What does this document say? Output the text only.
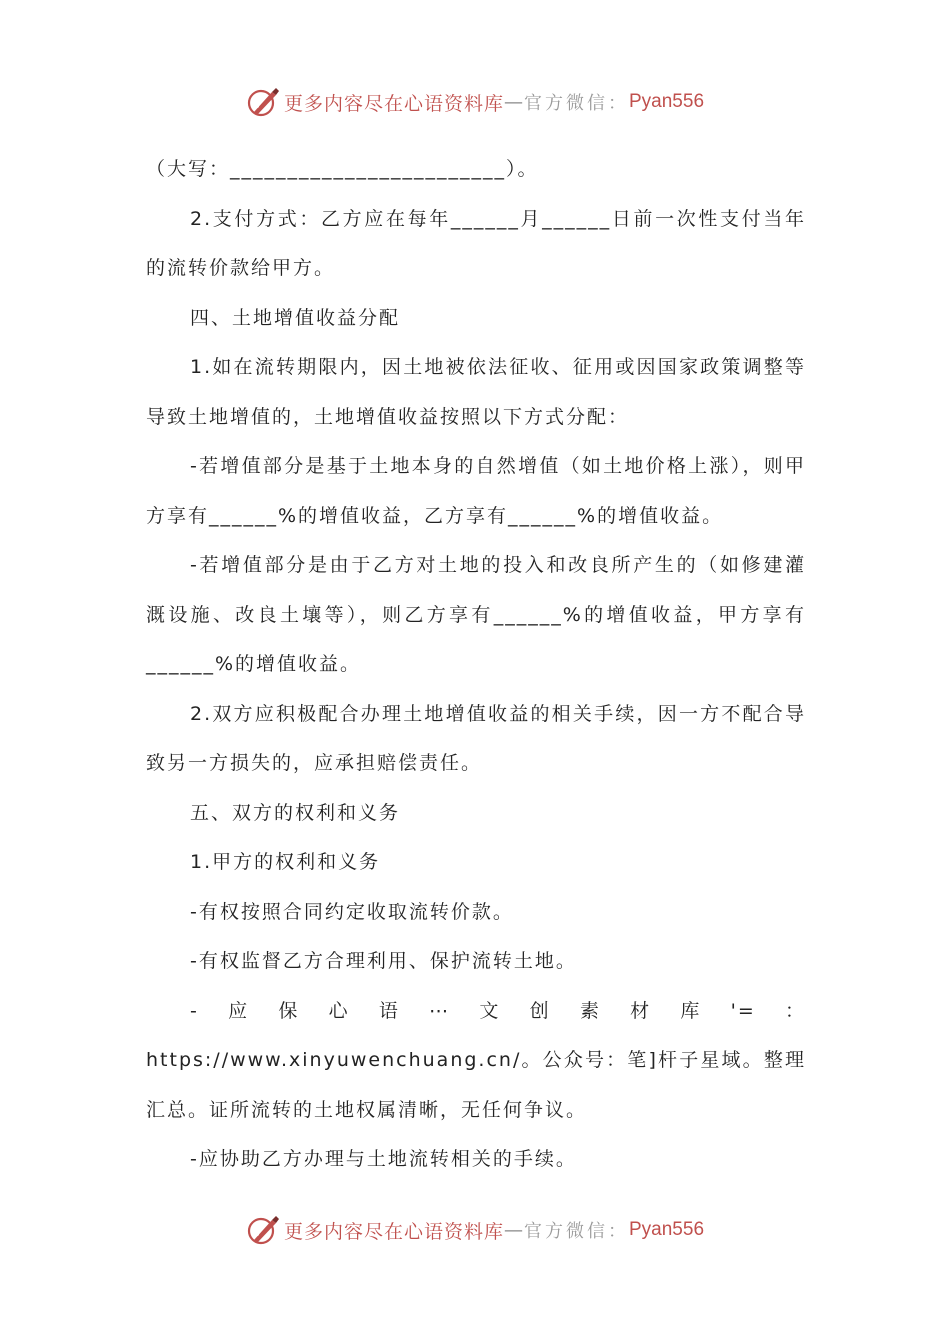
更多内容尽在心语资料库 — 官方微信： Pyan556

（大写：________________________）。

2.支付方式：乙方应在每年______月______日前一次性支付当年的流转价款给甲方。

四、土地增值收益分配

1.如在流转期限内，因土地被依法征收、征用或因国家政策调整等导致土地增值的，土地增值收益按照以下方式分配：

-若增值部分是基于土地本身的自然增值（如土地价格上涨），则甲方享有______%的增值收益，乙方享有______%的增值收益。

-若增值部分是由于乙方对土地的投入和改良所产生的（如修建灌溉设施、改良土壤等），则乙方享有______%的增值收益，甲方享有______%的增值收益。

2.双方应积极配合办理土地增值收益的相关手续，因一方不配合导致另一方损失的，应承担赔偿责任。

五、双方的权利和义务

1.甲方的权利和义务

-有权按照合同约定收取流转价款。

-有权监督乙方合理利用、保护流转土地。

-应保心语⋯文创素材库'=：https://www.xinyuwenchuang.cn/。公众号：笔]杆子星域。整理汇总。证所流转的土地权属清晰，无任何争议。

-应协助乙方办理与土地流转相关的手续。

更多内容尽在心语资料库 — 官方微信： Pyan556
